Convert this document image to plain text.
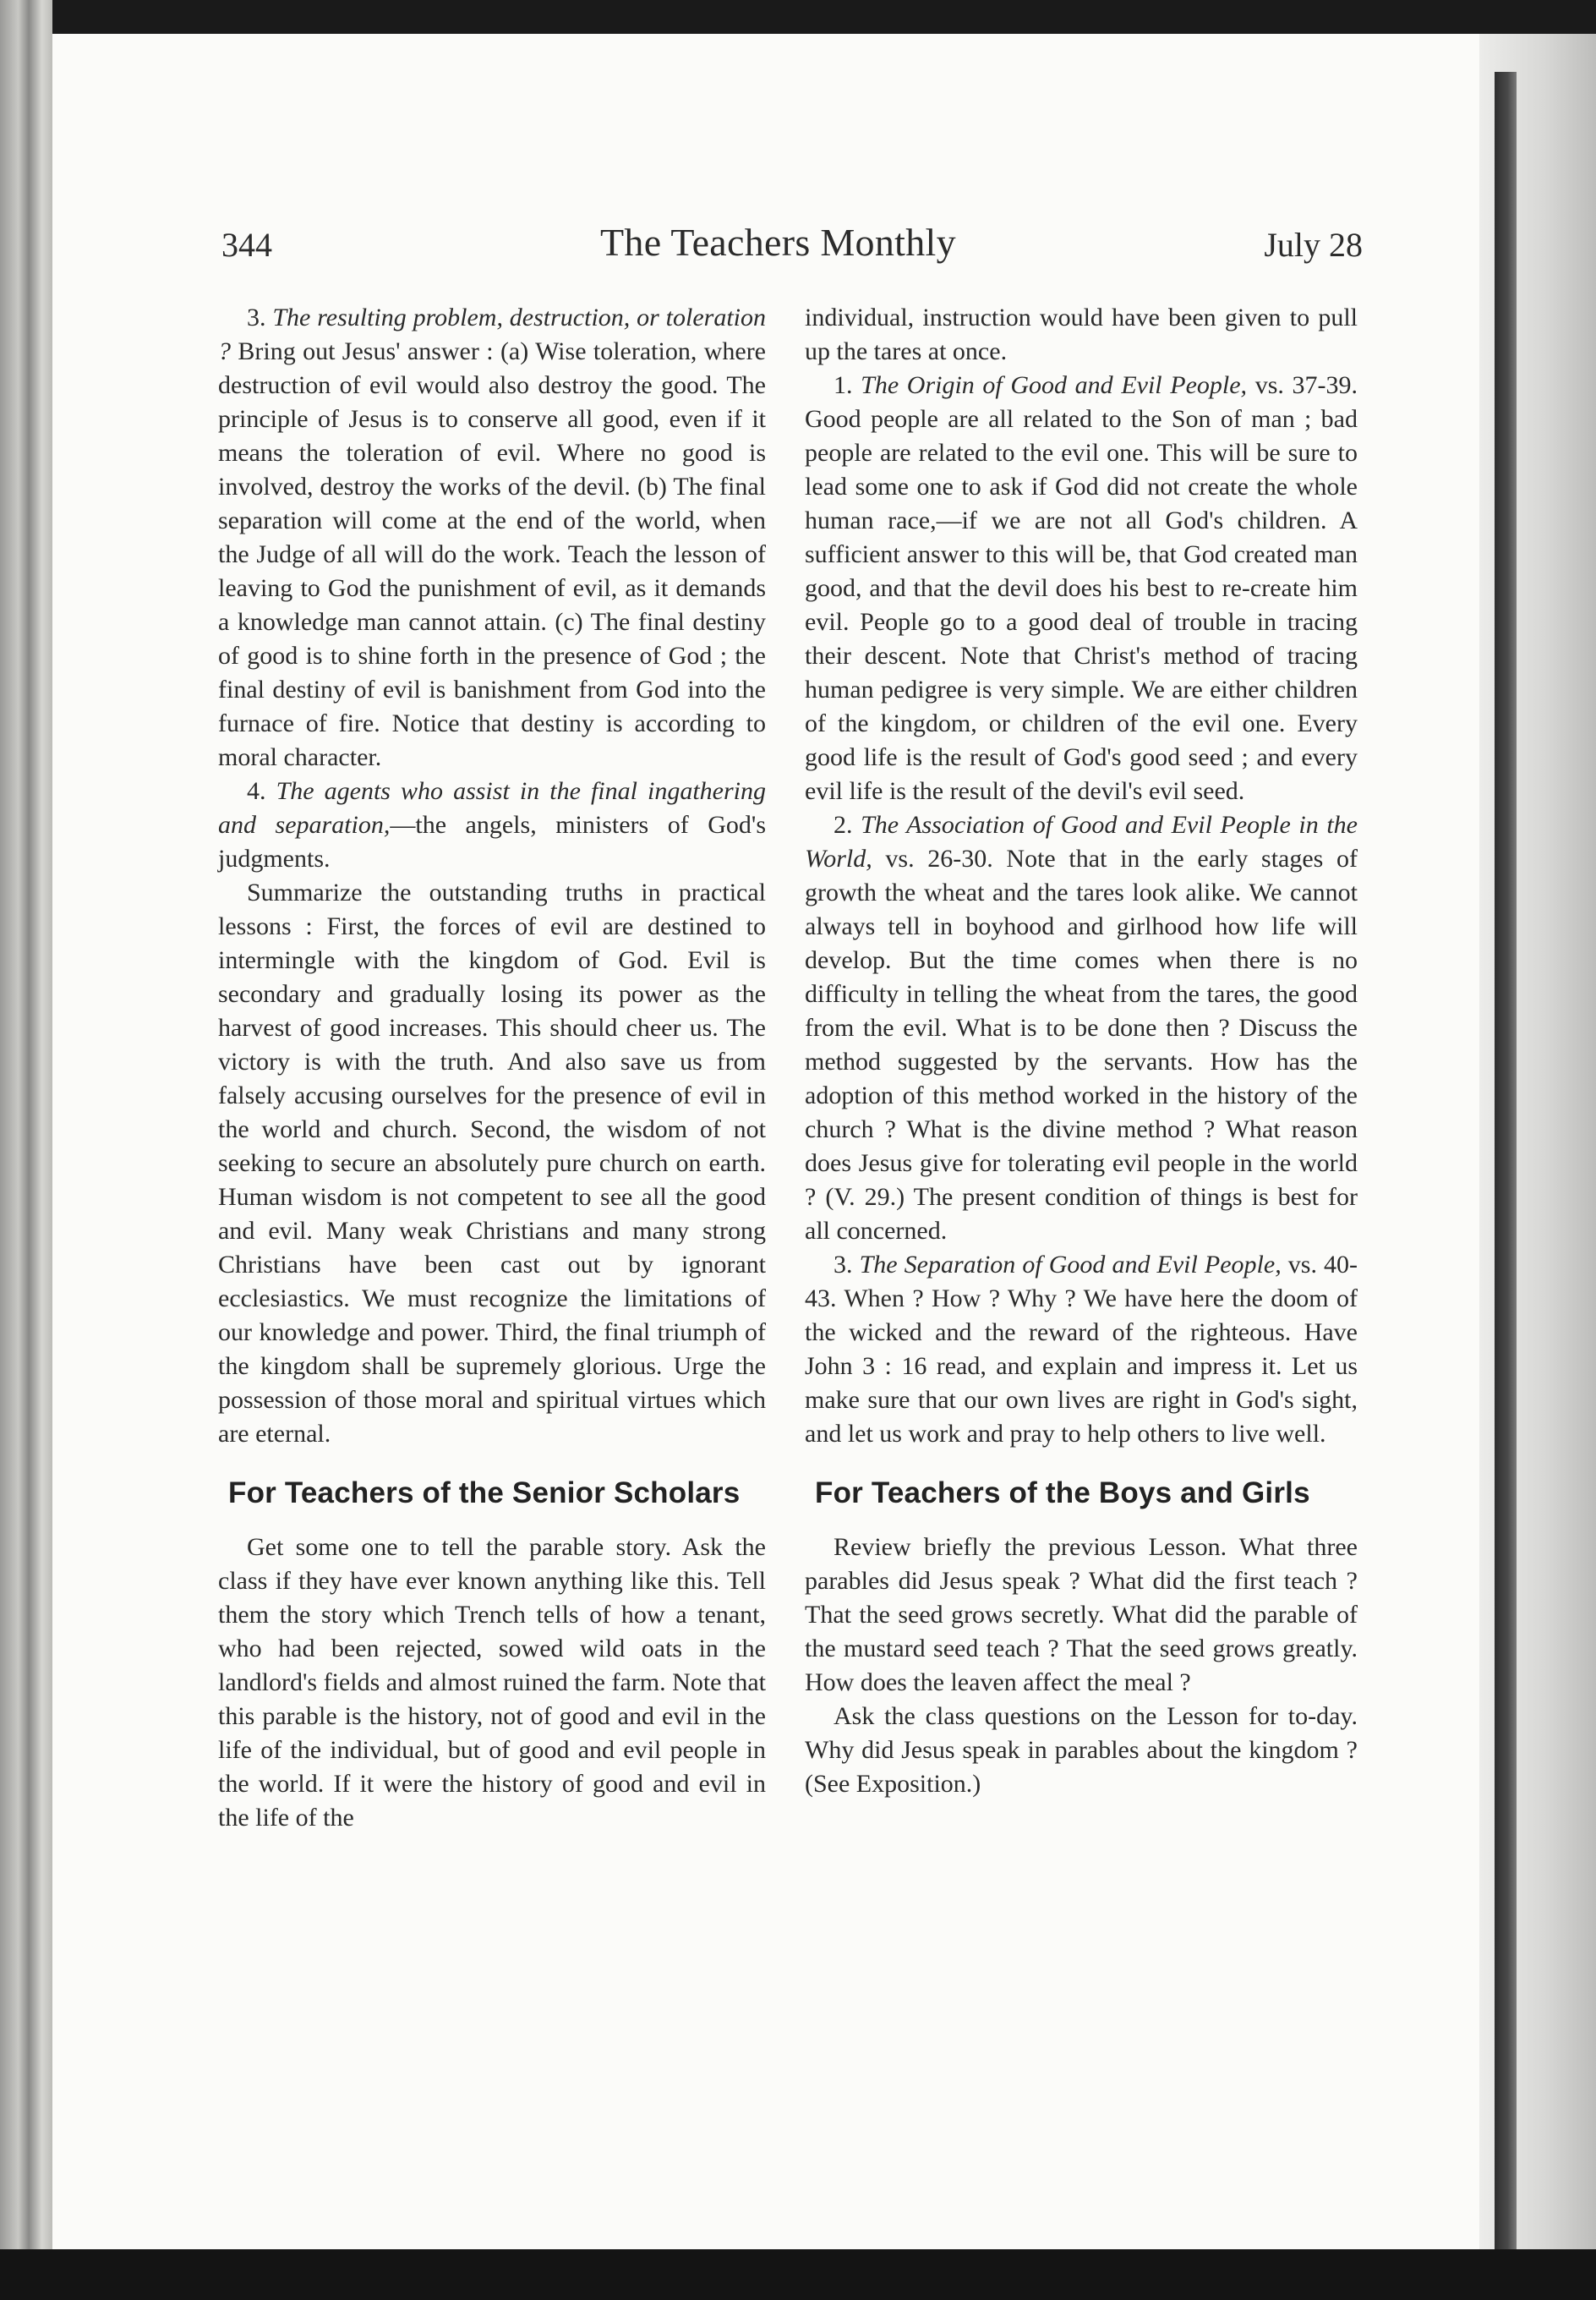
344	The Teachers Monthly	July 28

3. The resulting problem, destruction, or toleration ? Bring out Jesus' answer : (a) Wise toleration, where destruction of evil would also destroy the good. The principle of Jesus is to conserve all good, even if it means the toleration of evil. Where no good is involved, destroy the works of the devil. (b) The final separation will come at the end of the world, when the Judge of all will do the work. Teach the lesson of leaving to God the punishment of evil, as it demands a knowledge man cannot attain. (c) The final destiny of good is to shine forth in the presence of God ; the final destiny of evil is banishment from God into the furnace of fire. Notice that destiny is according to moral character.

4. The agents who assist in the final ingathering and separation,—the angels, ministers of God's judgments.

Summarize the outstanding truths in practical lessons : First, the forces of evil are destined to intermingle with the kingdom of God. Evil is secondary and gradually losing its power as the harvest of good increases. This should cheer us. The victory is with the truth. And also save us from falsely accusing ourselves for the presence of evil in the world and church. Second, the wisdom of not seeking to secure an absolutely pure church on earth. Human wisdom is not competent to see all the good and evil. Many weak Christians and many strong Christians have been cast out by ignorant ecclesiastics. We must recognize the limitations of our knowledge and power. Third, the final triumph of the kingdom shall be supremely glorious. Urge the possession of those moral and spiritual virtues which are eternal.

For Teachers of the Senior Scholars

Get some one to tell the parable story. Ask the class if they have ever known anything like this. Tell them the story which Trench tells of how a tenant, who had been rejected, sowed wild oats in the landlord's fields and almost ruined the farm. Note that this parable is the history, not of good and evil in the life of the individual, but of good and evil people in the world. If it were the history of good and evil in the life of the

individual, instruction would have been given to pull up the tares at once.

1. The Origin of Good and Evil People, vs. 37-39. Good people are all related to the Son of man ; bad people are related to the evil one. This will be sure to lead some one to ask if God did not create the whole human race,—if we are not all God's children. A sufficient answer to this will be, that God created man good, and that the devil does his best to re-create him evil. People go to a good deal of trouble in tracing their descent. Note that Christ's method of tracing human pedigree is very simple. We are either children of the kingdom, or children of the evil one. Every good life is the result of God's good seed ; and every evil life is the result of the devil's evil seed.

2. The Association of Good and Evil People in the World, vs. 26-30. Note that in the early stages of growth the wheat and the tares look alike. We cannot always tell in boyhood and girlhood how life will develop. But the time comes when there is no difficulty in telling the wheat from the tares, the good from the evil. What is to be done then ? Discuss the method suggested by the servants. How has the adoption of this method worked in the history of the church ? What is the divine method ? What reason does Jesus give for tolerating evil people in the world ? (V. 29.) The present condition of things is best for all concerned.

3. The Separation of Good and Evil People, vs. 40-43. When ? How ? Why ? We have here the doom of the wicked and the reward of the righteous. Have John 3 : 16 read, and explain and impress it. Let us make sure that our own lives are right in God's sight, and let us work and pray to help others to live well.

For Teachers of the Boys and Girls

Review briefly the previous Lesson. What three parables did Jesus speak ? What did the first teach ? That the seed grows secretly. What did the parable of the mustard seed teach ? That the seed grows greatly. How does the leaven affect the meal ?

Ask the class questions on the Lesson for to-day. Why did Jesus speak in parables about the kingdom ? (See Exposition.)
